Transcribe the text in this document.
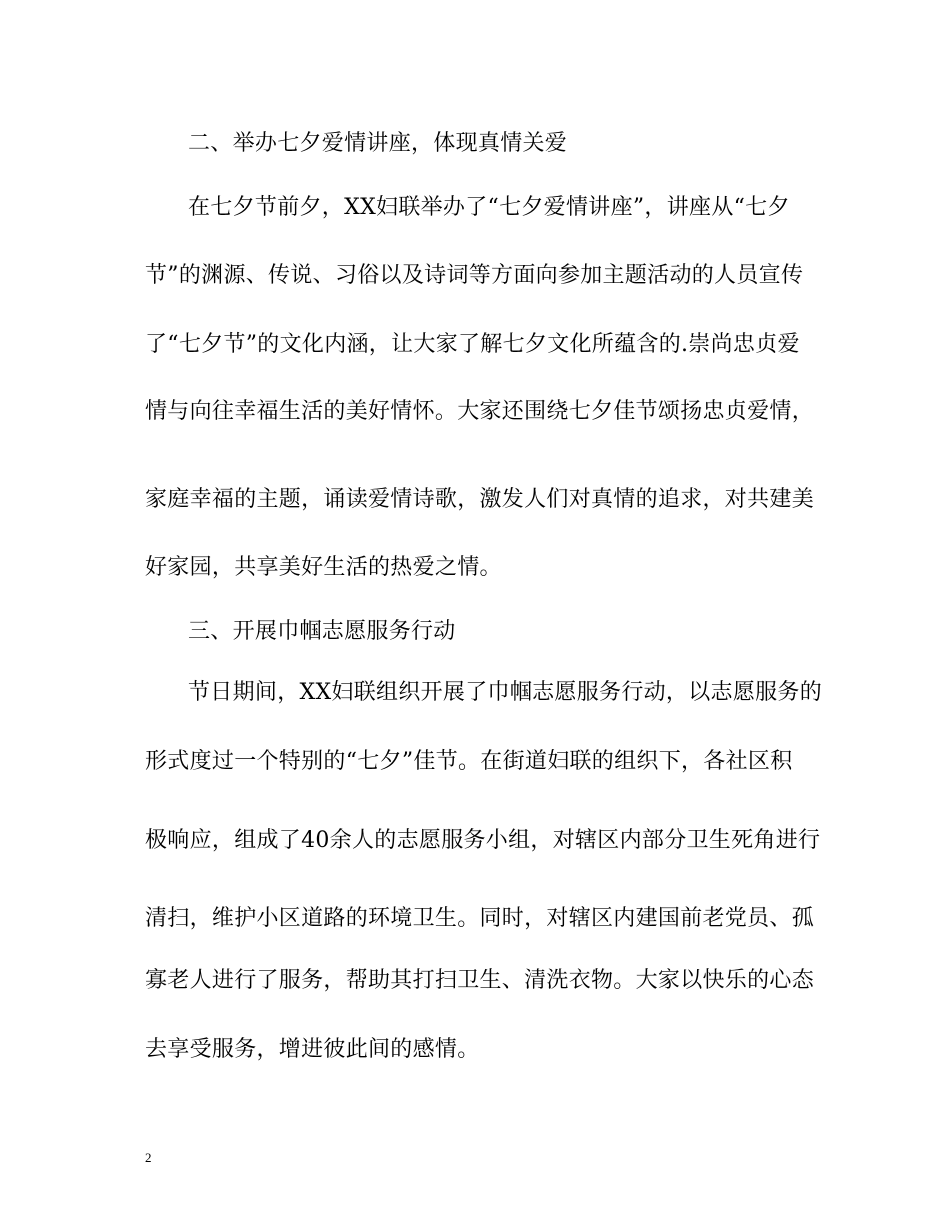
二、举办七夕爱情讲座，体现真情关爱
在七夕节前夕，XX妇联举办了“七夕爱情讲座”，讲座从“七夕
节”的渊源、传说、习俗以及诗词等方面向参加主题活动的人员宣传
了“七夕节”的文化内涵，让大家了解七夕文化所蕴含的.崇尚忠贞爱
情与向往幸福生活的美好情怀。大家还围绕七夕佳节颂扬忠贞爱情，
家庭幸福的主题，诵读爱情诗歌，激发人们对真情的追求，对共建美
好家园，共享美好生活的热爱之情。
三、开展巾帼志愿服务行动
节日期间，XX妇联组织开展了巾帼志愿服务行动，以志愿服务的
形式度过一个特别的“七夕”佳节。在街道妇联的组织下，各社区积
极响应，组成了40余人的志愿服务小组，对辖区内部分卫生死角进行
清扫，维护小区道路的环境卫生。同时，对辖区内建国前老党员、孤
寡老人进行了服务，帮助其打扫卫生、清洗衣物。大家以快乐的心态
去享受服务，增进彼此间的感情。
2
